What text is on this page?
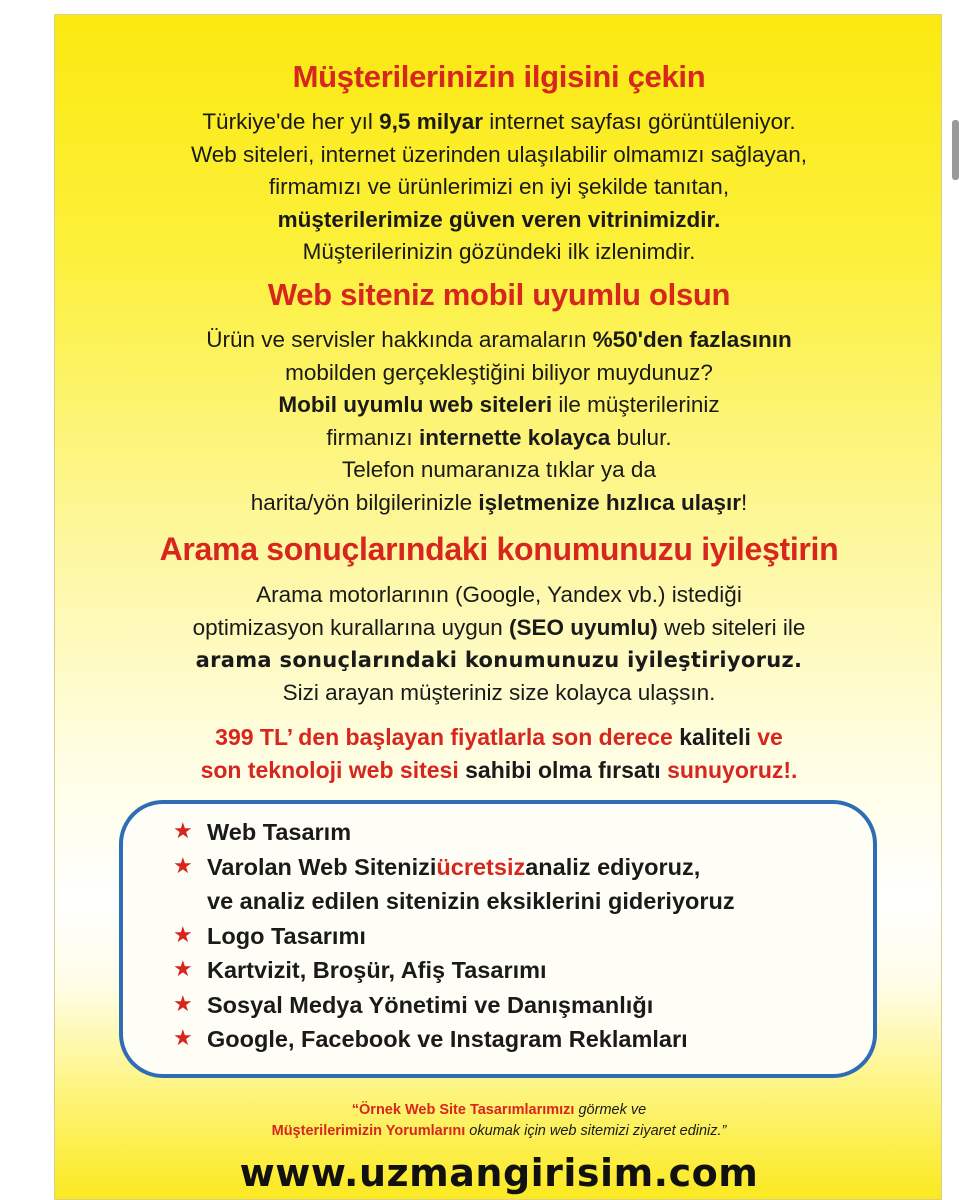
Müşterilerinizin ilgisini çekin
Türkiye'de her yıl 9,5 milyar internet sayfası görüntüleniyor.
Web siteleri, internet üzerinden ulaşılabilir olmamızı sağlayan,
firmamızı ve ürünlerimizi en iyi şekilde tanıtan,
müşterilerimize güven veren vitrinimizdir.
Müşterilerinizin gözündeki ilk izlenimdir.
Web siteniz mobil uyumlu olsun
Ürün ve servisler hakkında aramaların %50'den fazlasının
mobilden gerçekleştiğini biliyor muydunuz?
Mobil uyumlu web siteleri ile müşterileriniz
firmanızı internette kolayca bulur.
Telefon numaranıza tıklar ya da
harita/yön bilgilerinizle işletmenize hızlıca ulaşır!
Arama sonuçlarındaki konumunuzu iyileştirin
Arama motorlarının (Google, Yandex vb.) istediği
optimizasyon kurallarına uygun (SEO uyumlu) web siteleri ile
arama sonuçlarındaki konumunuzu iyileştiriyoruz.
Sizi arayan müşteriniz size kolayca ulaşsın.
399 TL’ den başlayan fiyatlarla son derece kaliteli ve
son teknoloji web sitesi sahibi olma fırsatı sunuyoruz!.
★ Web Tasarım
★ Varolan Web Sitenizi ücretsiz analiz ediyoruz,
ve analiz edilen sitenizin eksiklerini gideriyoruz
★ Logo Tasarımı
★ Kartvizit, Broşür, Afiş Tasarımı
★ Sosyal Medya Yönetimi ve Danışmanlığı
★ Google, Facebook ve Instagram Reklamları
“Örnek Web Site Tasarımlarımızı görmek ve
Müşterilerimizin Yorumlarını okumak için web sitemizi ziyaret ediniz.”
www.uzmangirisim.com
